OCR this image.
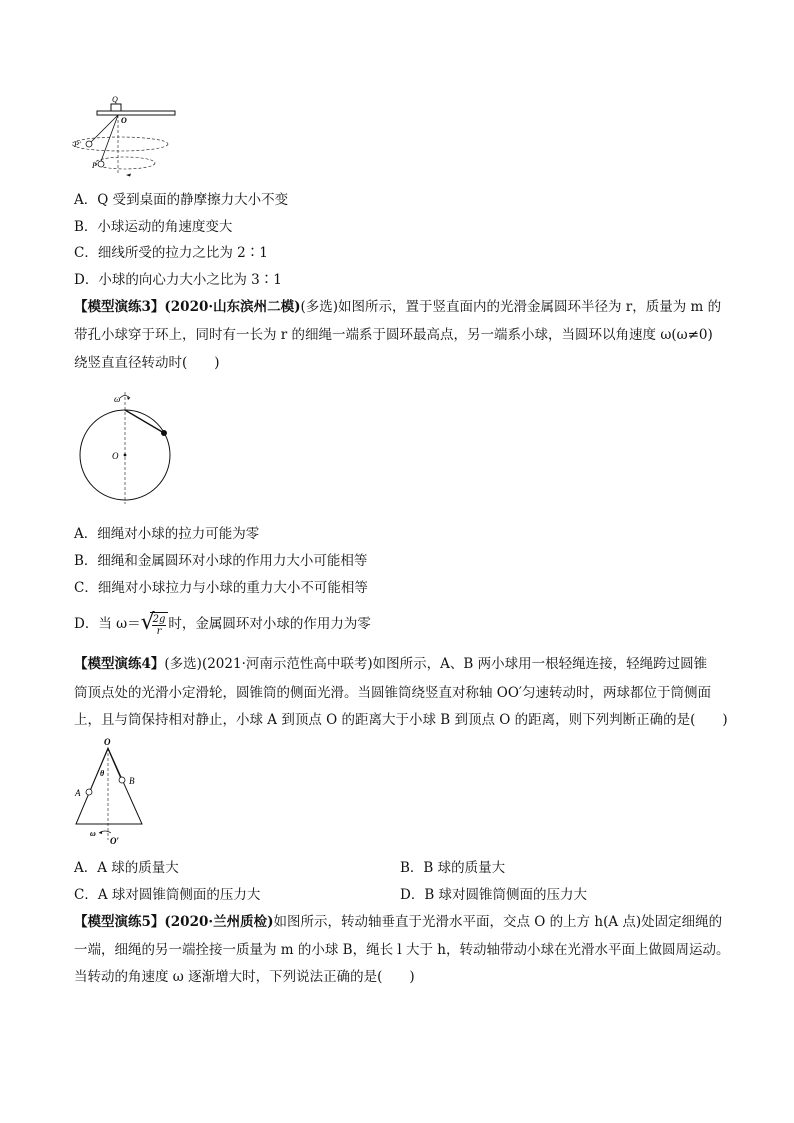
Q
O
P′
P
A．Q 受到桌面的静摩擦力大小不变
B．小球运动的角速度变大
C．细线所受的拉力之比为 2∶1
D．小球的向心力大小之比为 3∶1
【模型演练3】(2020·山东滨州二模)(多选)如图所示，置于竖直面内的光滑金属圆环半径为 r，质量为 m 的
带孔小球穿于环上，同时有一长为 r 的细绳一端系于圆环最高点，另一端系小球，当圆环以角速度 ω(ω≠0)
绕竖直直径转动时(　　)
O
ω
A．细绳对小球的拉力可能为零
B．细绳和金属圆环对小球的作用力大小可能相等
C．细绳对小球拉力与小球的重力大小不可能相等
D．当 ω＝ √
$\frac{2g}{r}$ 时，金属圆环对小球的作用力为零
【模型演练4】(多选)(2021·河南示范性高中联考)如图所示，A、B 两小球用一根轻绳连接，轻绳跨过圆锥
筒顶点处的光滑小定滑轮，圆锥筒的侧面光滑。当圆锥筒绕竖直对称轴 OO′匀速转动时，两球都位于筒侧面
上，且与筒保持相对静止，小球 A 到顶点 O 的距离大于小球 B 到顶点 O 的距离，则下列判断正确的是(　　)
O
θ
A
B
ω
O′
A．A 球的质量大	B．B 球的质量大
C．A 球对圆锥筒侧面的压力大	D．B 球对圆锥筒侧面的压力大
【模型演练5】(2020·兰州质检)如图所示，转动轴垂直于光滑水平面，交点 O 的上方 h(A 点)处固定细绳的
一端，细绳的另一端拴接一质量为 m 的小球 B，绳长 l 大于 h，转动轴带动小球在光滑水平面上做圆周运动。
当转动的角速度 ω 逐渐增大时，下列说法正确的是(　　)
